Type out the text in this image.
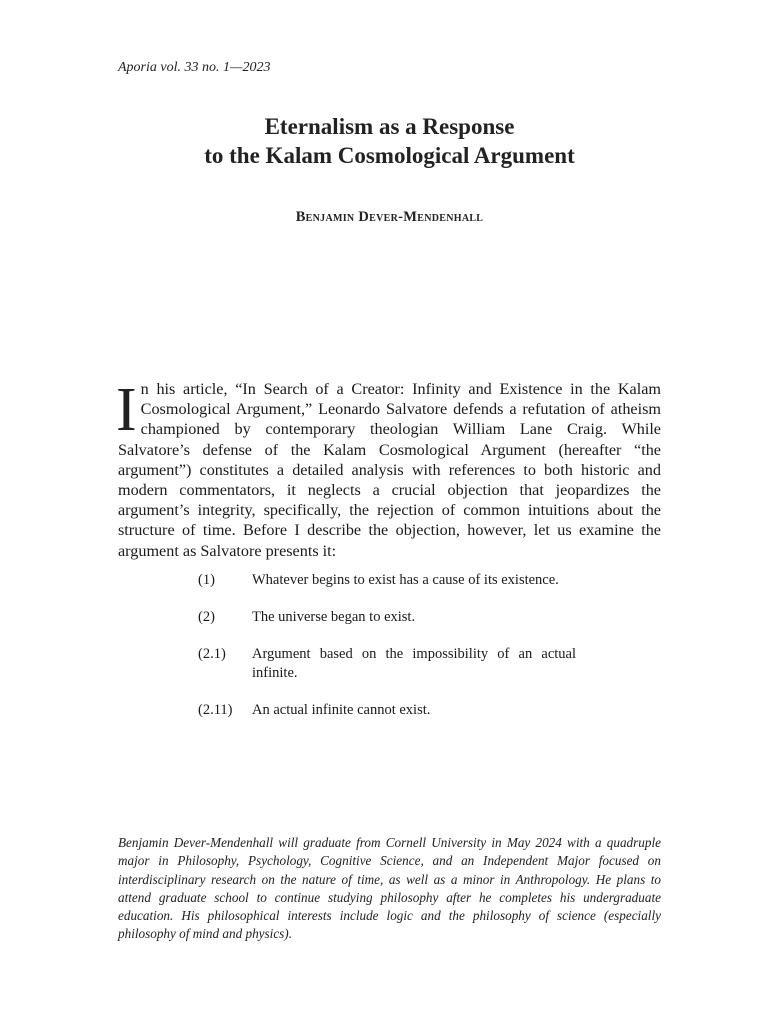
Aporia vol. 33 no. 1—2023
Eternalism as a Response
to the Kalam Cosmological Argument
Benjamin Dever-Mendenhall
I n his article, “In Search of a Creator: Infinity and Existence in the Kalam Cosmological Argument,” Leonardo Salvatore defends a refutation of atheism championed by contemporary theologian William Lane Craig. While Salvatore’s defense of the Kalam Cosmological Argument (hereafter “the argument”) constitutes a detailed analysis with references to both historic and modern commentators, it neglects a crucial objection that jeopardizes the argument’s integrity, specifically, the rejection of common intuitions about the structure of time. Before I describe the objection, however, let us examine the argument as Salvatore presents it:
(1)	Whatever begins to exist has a cause of its existence.
(2)	The universe began to exist.
(2.1)	Argument based on the impossibility of an actual infinite.
(2.11)	An actual infinite cannot exist.
Benjamin Dever-Mendenhall will graduate from Cornell University in May 2024 with a quadruple major in Philosophy, Psychology, Cognitive Science, and an Independent Major focused on interdisciplinary research on the nature of time, as well as a minor in Anthropology. He plans to attend graduate school to continue studying philosophy after he completes his undergraduate education. His philosophical interests include logic and the philosophy of science (especially philosophy of mind and physics).
